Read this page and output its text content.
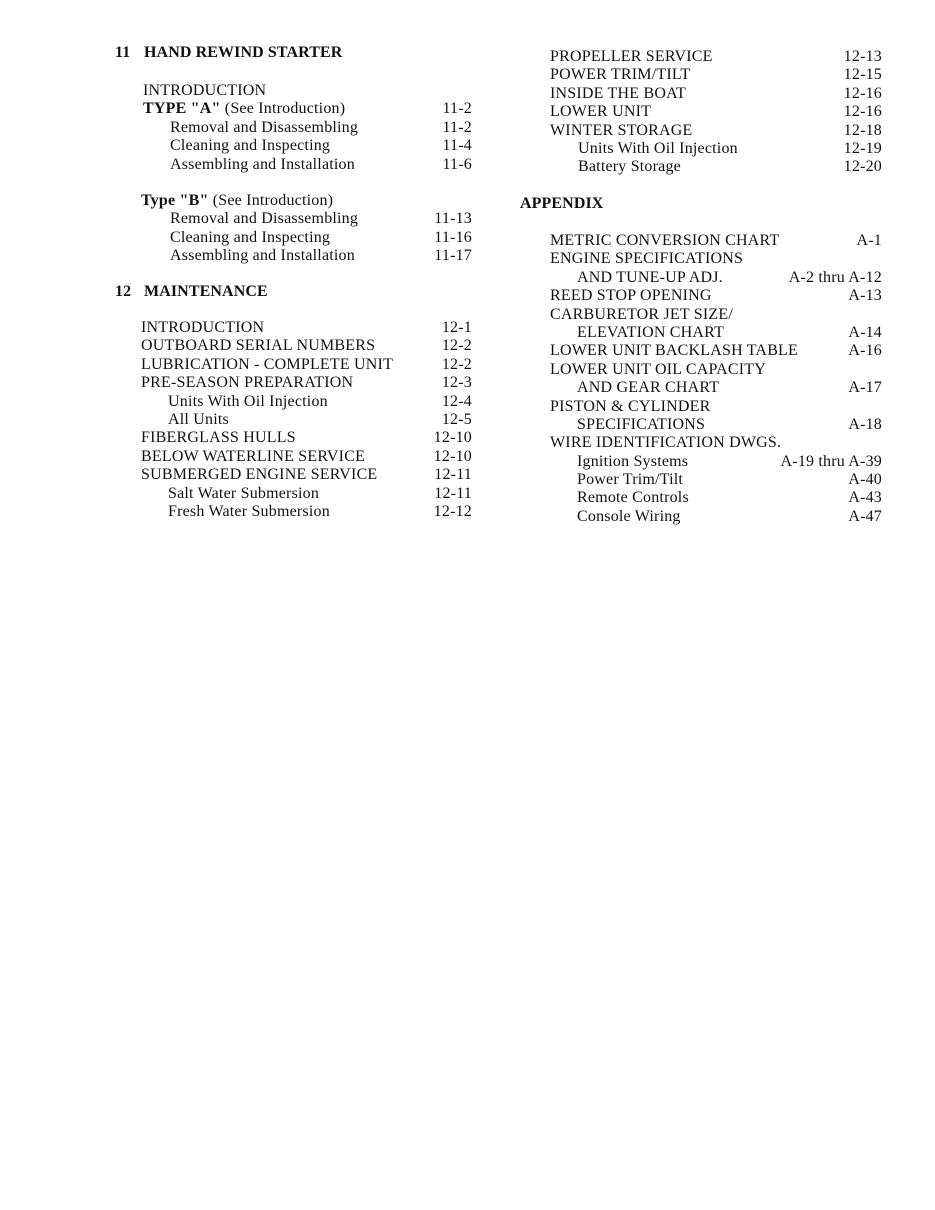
11 HAND REWIND STARTER
INTRODUCTION
TYPE "A" (See Introduction)	11-2
Removal and Disassembling	11-2
Cleaning and Inspecting	11-4
Assembling and Installation	11-6
Type "B" (See Introduction)
Removal and Disassembling	11-13
Cleaning and Inspecting	11-16
Assembling and Installation	11-17
12 MAINTENANCE
INTRODUCTION	12-1
OUTBOARD SERIAL NUMBERS	12-2
LUBRICATION - COMPLETE UNIT	12-2
PRE-SEASON PREPARATION	12-3
Units With Oil Injection	12-4
All Units	12-5
FIBERGLASS HULLS	12-10
BELOW WATERLINE SERVICE	12-10
SUBMERGED ENGINE SERVICE	12-11
Salt Water Submersion	12-11
Fresh Water Submersion	12-12
PROPELLER SERVICE	12-13
POWER TRIM/TILT	12-15
INSIDE THE BOAT	12-16
LOWER UNIT	12-16
WINTER STORAGE	12-18
Units With Oil Injection	12-19
Battery Storage	12-20
APPENDIX
METRIC CONVERSION CHART	A-1
ENGINE SPECIFICATIONS
AND TUNE-UP ADJ.	A-2 thru A-12
REED STOP OPENING	A-13
CARBURETOR JET SIZE/
ELEVATION CHART	A-14
LOWER UNIT BACKLASH TABLE	A-16
LOWER UNIT OIL CAPACITY
AND GEAR CHART	A-17
PISTON & CYLINDER
SPECIFICATIONS	A-18
WIRE IDENTIFICATION DWGS.
Ignition Systems	A-19 thru A-39
Power Trim/Tilt	A-40
Remote Controls	A-43
Console Wiring	A-47
